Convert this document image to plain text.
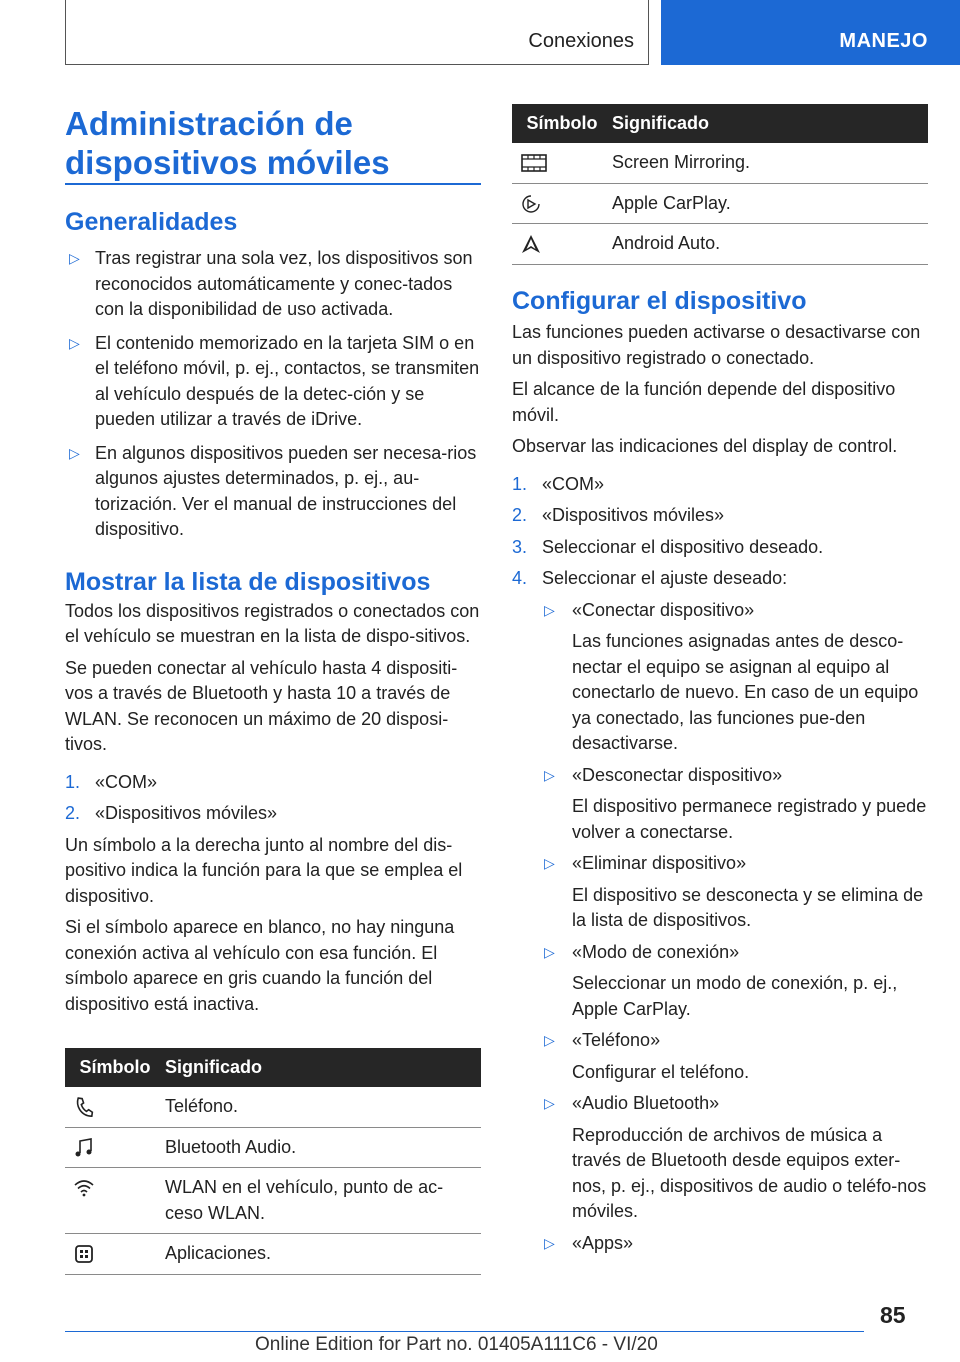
Conexiones	MANEJO
Administración de dispositivos móviles
Generalidades
▷ Tras registrar una sola vez, los dispositivos son reconocidos automáticamente y conec-tados con la disponibilidad de uso activada.
▷ El contenido memorizado en la tarjeta SIM o en el teléfono móvil, p. ej., contactos, se transmiten al vehículo después de la detec-ción y se pueden utilizar a través de iDrive.
▷ En algunos dispositivos pueden ser necesa-rios algunos ajustes determinados, p. ej., au-torización. Ver el manual de instrucciones del dispositivo.
Mostrar la lista de dispositivos

Todos los dispositivos registrados o conectados con el vehículo se muestran en la lista de dispo-sitivos.

Se pueden conectar al vehículo hasta 4 dispositi-vos a través de Bluetooth y hasta 10 a través de WLAN. Se reconocen un máximo de 20 disposi-tivos.

1. «COM»
2. «Dispositivos móviles»

Un símbolo a la derecha junto al nombre del dis-positivo indica la función para la que se emplea el dispositivo.

Si el símbolo aparece en blanco, no hay ninguna conexión activa al vehículo con esa función. El símbolo aparece en gris cuando la función del dispositivo está inactiva.

Símbolo	Significado
	Teléfono.
	Bluetooth Audio.
	WLAN en el vehículo, punto de ac-ceso WLAN.
	Aplicaciones.
Símbolo	Significado
	Screen Mirroring.
	Apple CarPlay.
	Android Auto.
Configurar el dispositivo

Las funciones pueden activarse o desactivarse con un dispositivo registrado o conectado.

El alcance de la función depende del dispositivo móvil.

Observar las indicaciones del display de control.

1. «COM»
2. «Dispositivos móviles»
3. Seleccionar el dispositivo deseado.
4. Seleccionar el ajuste deseado:
▷ «Conectar dispositivo»

Las funciones asignadas antes de desco-nectar el equipo se asignan al equipo al conectarlo de nuevo. En caso de un equipo ya conectado, las funciones pue-den desactivarse.

▷ «Desconectar dispositivo»

El dispositivo permanece registrado y puede volver a conectarse.

▷ «Eliminar dispositivo»

El dispositivo se desconecta y se elimina de la lista de dispositivos.

▷ «Modo de conexión»

Seleccionar un modo de conexión, p. ej., Apple CarPlay.

▷ «Teléfono»

Configurar el teléfono.

▷ «Audio Bluetooth»

Reproducción de archivos de música a través de Bluetooth desde equipos exter-nos, p. ej., dispositivos de audio o teléfo-nos móviles.

▷ «Apps»
85
Online Edition for Part no. 01405A111C6 - VI/20
